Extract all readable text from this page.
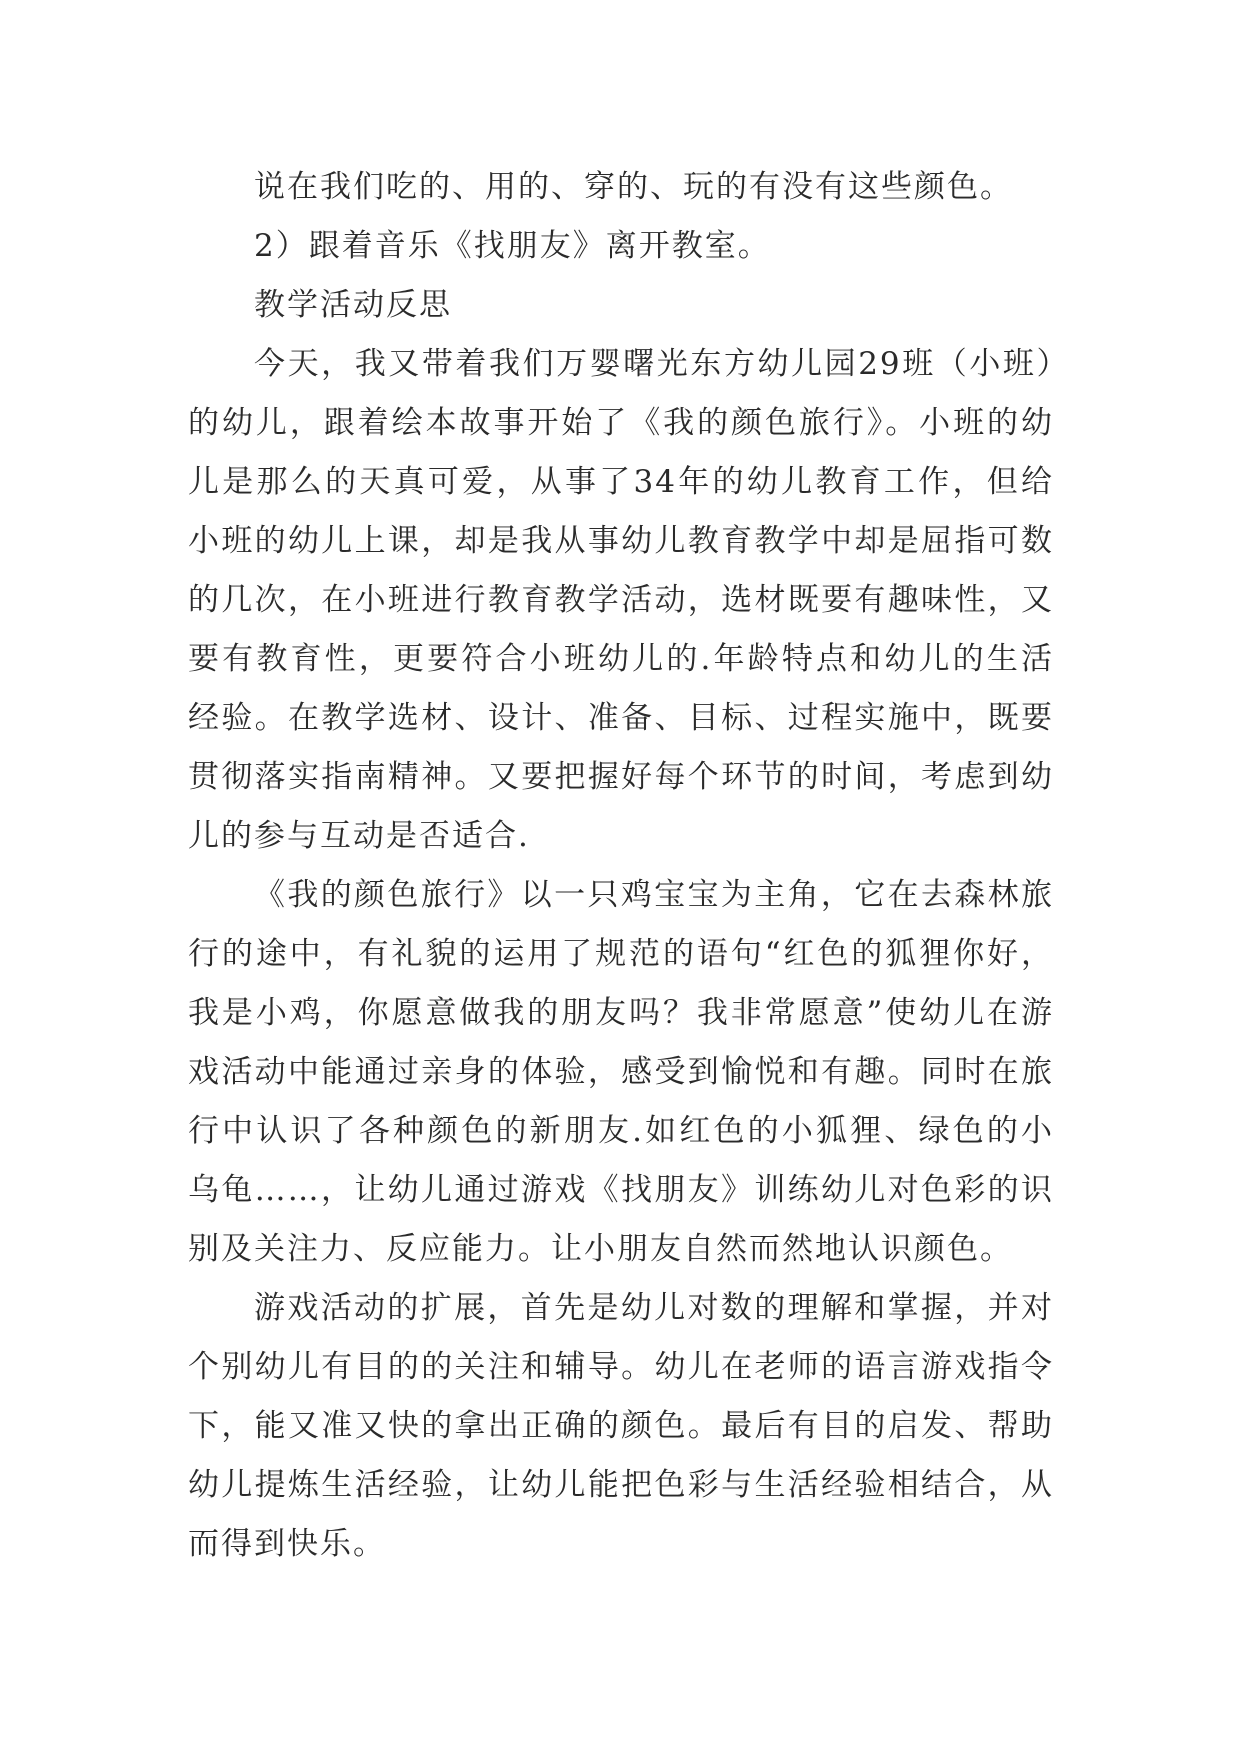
说在我们吃的、用的、穿的、玩的有没有这些颜色。

2）跟着音乐《找朋友》离开教室。

教学活动反思

今天，我又带着我们万婴曙光东方幼儿园29班（小班）的幼儿，跟着绘本故事开始了《我的颜色旅行》。小班的幼儿是那么的天真可爱，从事了34年的幼儿教育工作，但给小班的幼儿上课，却是我从事幼儿教育教学中却是屈指可数的几次，在小班进行教育教学活动，选材既要有趣味性，又要有教育性，更要符合小班幼儿的.年龄特点和幼儿的生活经验。在教学选材、设计、准备、目标、过程实施中，既要贯彻落实指南精神。又要把握好每个环节的时间，考虑到幼儿的参与互动是否适合.

《我的颜色旅行》以一只鸡宝宝为主角，它在去森林旅行的途中，有礼貌的运用了规范的语句“红色的狐狸你好，我是小鸡，你愿意做我的朋友吗？我非常愿意”使幼儿在游戏活动中能通过亲身的体验，感受到愉悦和有趣。同时在旅行中认识了各种颜色的新朋友.如红色的小狐狸、绿色的小乌龟……，让幼儿通过游戏《找朋友》训练幼儿对色彩的识别及关注力、反应能力。让小朋友自然而然地认识颜色。

游戏活动的扩展，首先是幼儿对数的理解和掌握，并对个别幼儿有目的的关注和辅导。幼儿在老师的语言游戏指令下，能又准又快的拿出正确的颜色。最后有目的启发、帮助幼儿提炼生活经验，让幼儿能把色彩与生活经验相结合，从而得到快乐。
